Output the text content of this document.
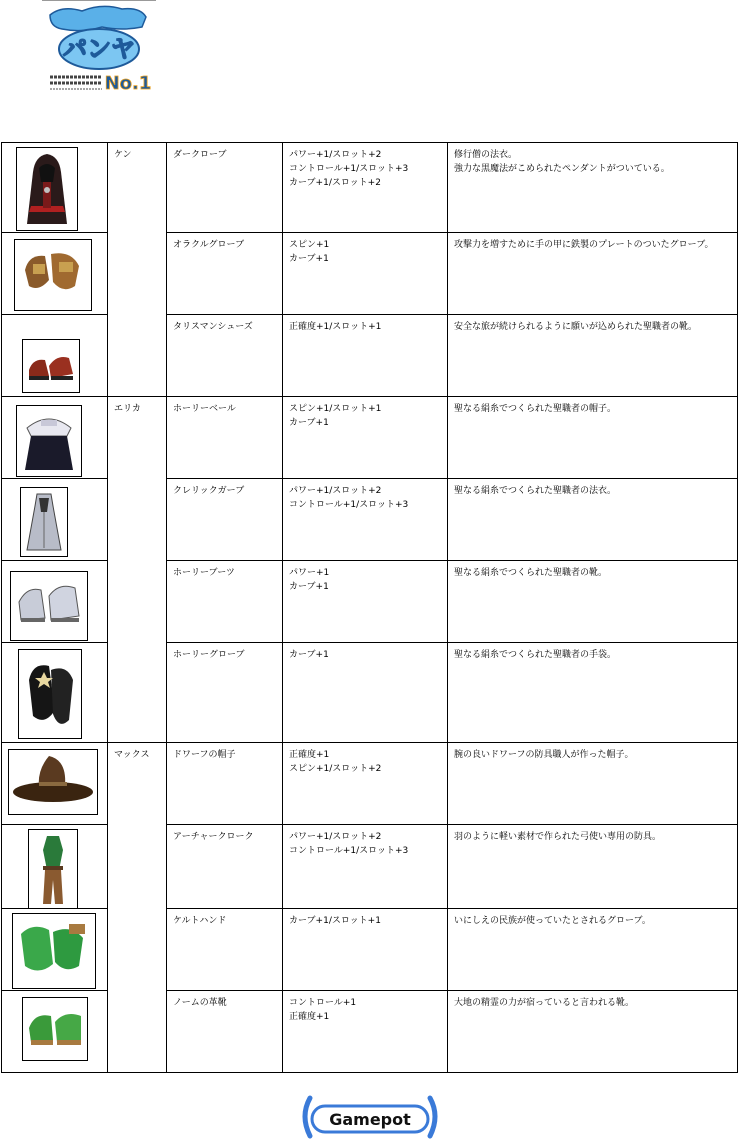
パンヤ
No.1
	ケン	ダークローブ	パワー+1/スロット+2
コントロール+1/スロット+3
カーブ+1/スロット+2	修行僧の法衣。
強力な黒魔法がこめられたペンダントがついている。

	オラクルグローブ	スピン+1
カーブ+1	攻撃力を増すために手の甲に鉄製のプレートのついたグローブ。

	タリスマンシューズ	正確度+1/スロット+1	安全な旅が続けられるように願いが込められた聖職者の靴。

	エリカ	ホーリーベール	スピン+1/スロット+1
カーブ+1	聖なる絹糸でつくられた聖職者の帽子。

	クレリックガーブ	パワー+1/スロット+2
コントロール+1/スロット+3	聖なる絹糸でつくられた聖職者の法衣。

	ホーリーブーツ	パワー+1
カーブ+1	聖なる絹糸でつくられた聖職者の靴。

	ホーリーグローブ	カーブ+1	聖なる絹糸でつくられた聖職者の手袋。

	マックス	ドワーフの帽子	正確度+1
スピン+1/スロット+2	腕の良いドワーフの防具職人が作った帽子。

	アーチャークローク	パワー+1/スロット+2
コントロール+1/スロット+3	羽のように軽い素材で作られた弓使い専用の防具。

	ケルトハンド	カーブ+1/スロット+1	いにしえの民族が使っていたとされるグローブ。

	ノームの革靴	コントロール+1
正確度+1	大地の精霊の力が宿っていると言われる靴。
Gamepot
